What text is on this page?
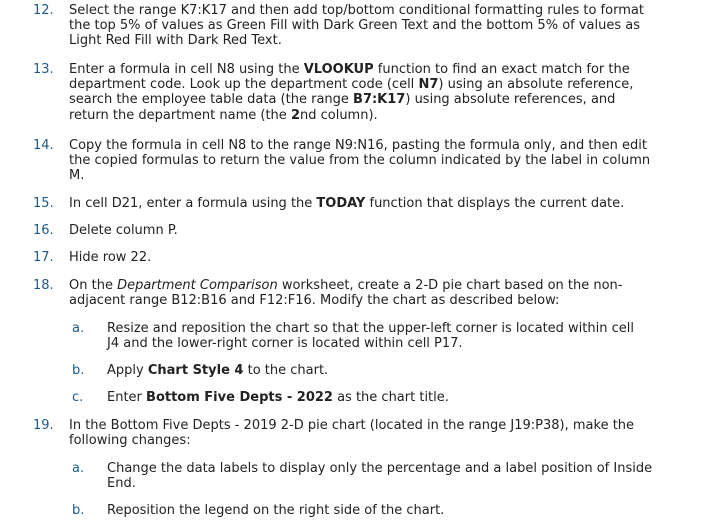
12. Select the range K7:K17 and then add top/bottom conditional formatting rules to format
the top 5% of values as Green Fill with Dark Green Text and the bottom 5% of values as
Light Red Fill with Dark Red Text.
13. Enter a formula in cell N8 using the VLOOKUP function to find an exact match for the
department code. Look up the department code (cell N7) using an absolute reference,
search the employee table data (the range B7:K17) using absolute references, and
return the department name (the 2nd column).
14. Copy the formula in cell N8 to the range N9:N16, pasting the formula only, and then edit
the copied formulas to return the value from the column indicated by the label in column
M.
15. In cell D21, enter a formula using the TODAY function that displays the current date.
16. Delete column P.
17. Hide row 22.
18. On the Department Comparison worksheet, create a 2-D pie chart based on the non-
adjacent range B12:B16 and F12:F16. Modify the chart as described below:
a. Resize and reposition the chart so that the upper-left corner is located within cell
J4 and the lower-right corner is located within cell P17.
b. Apply Chart Style 4 to the chart.
c. Enter Bottom Five Depts - 2022 as the chart title.
19. In the Bottom Five Depts - 2019 2-D pie chart (located in the range J19:P38), make the
following changes:
a. Change the data labels to display only the percentage and a label position of Inside
End.
b. Reposition the legend on the right side of the chart.
